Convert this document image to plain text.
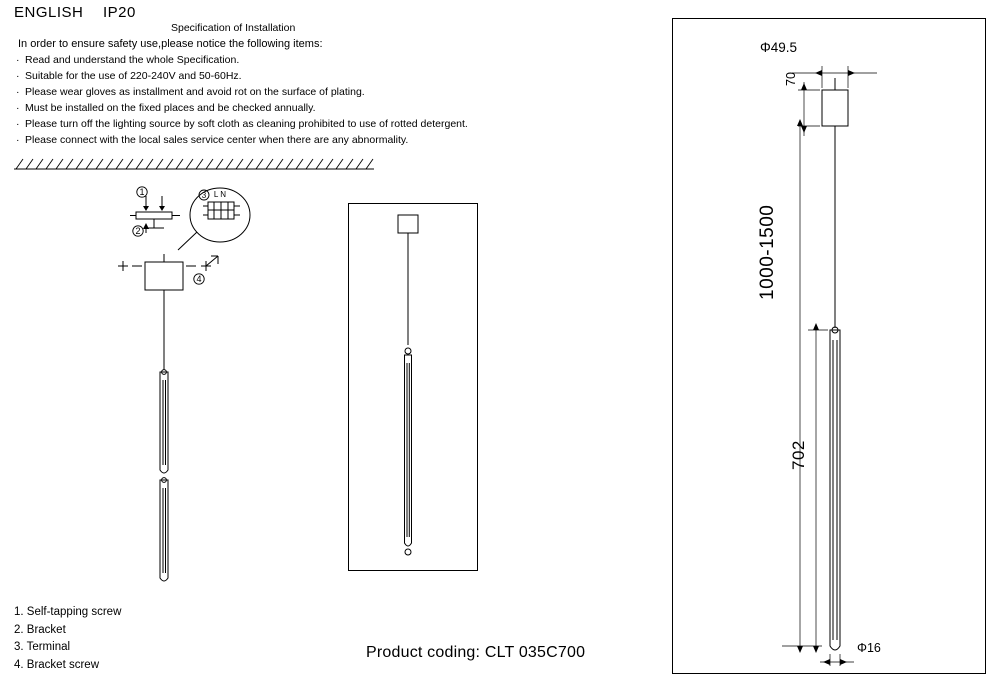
ENGLISH IP20
Specification of Installation
In order to ensure safety use,please notice the following items:
· Read and understand the whole Specification.
· Suitable for the use of 220-240V and 50-60Hz.
· Please wear gloves as installment and avoid rot on the surface of plating.
· Must be installed on the fixed places and be checked annually.
· Please turn off the lighting source by soft cloth as cleaning prohibited to use of rotted detergent.
· Please connect with the local sales service center when there are any abnormality.
1
2
L N
3
4
1. Self-tapping screw
2. Bracket
3. Terminal
4. Bracket screw
Product coding: CLT 035C700
Φ49.5
70
1000-1500
702
Φ16
